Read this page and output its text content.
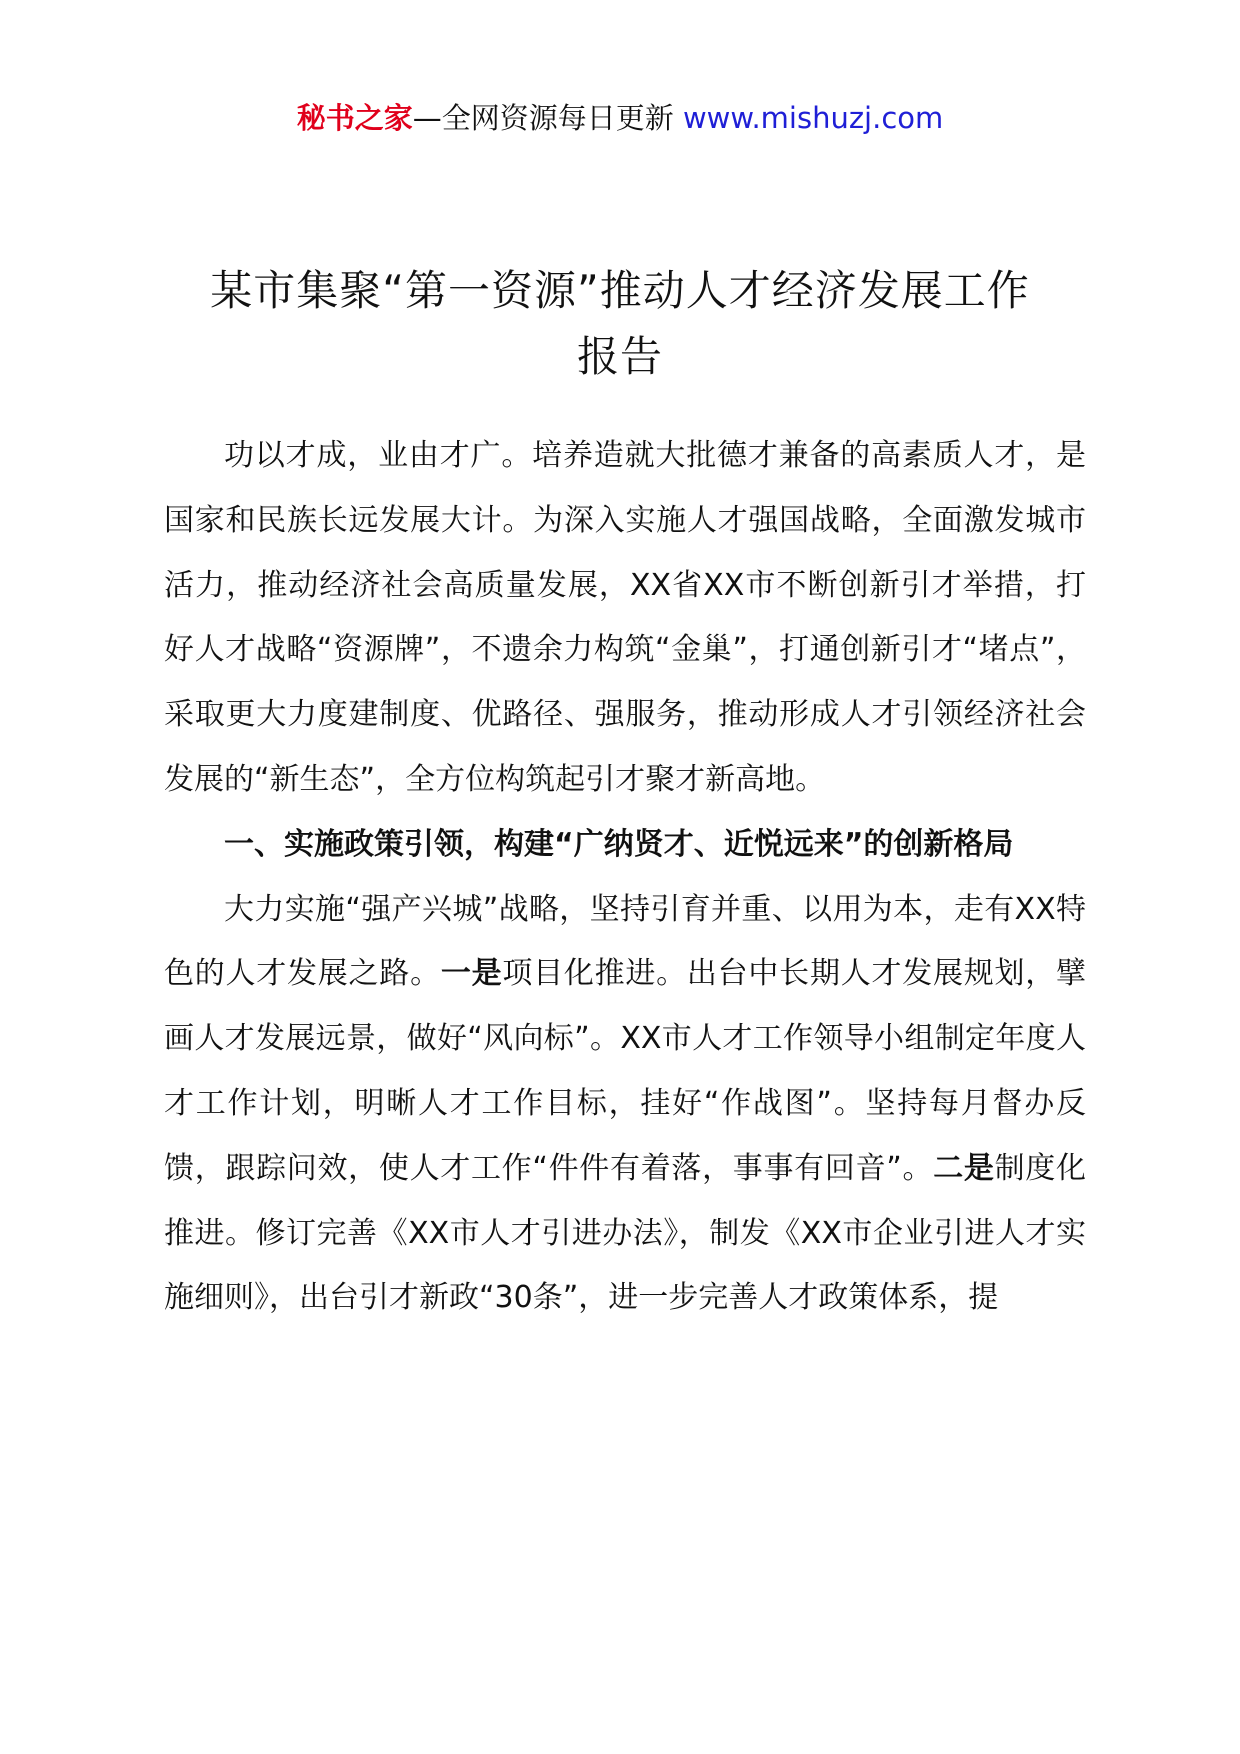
秘书之家—全网资源每日更新 www.mishuzj.com
某市集聚“第一资源”推动人才经济发展工作
报告

功以才成，业由才广。培养造就大批德才兼备的高素质人才，是国家和民族长远发展大计。为深入实施人才强国战略，全面激发城市活力，推动经济社会高质量发展，XX省XX市不断创新引才举措，打好人才战略“资源牌”，不遗余力构筑“金巢”，打通创新引才“堵点”，采取更大力度建制度、优路径、强服务，推动形成人才引领经济社会发展的“新生态”，全方位构筑起引才聚才新高地。

一、实施政策引领，构建“广纳贤才、近悦远来”的创新格局

大力实施“强产兴城”战略，坚持引育并重、以用为本，走有XX特色的人才发展之路。一是项目化推进。出台中长期人才发展规划，擘画人才发展远景，做好“风向标”。XX市人才工作领导小组制定年度人才工作计划，明晰人才工作目标，挂好“作战图”。坚持每月督办反馈，跟踪问效，使人才工作“件件有着落，事事有回音”。二是制度化推进。修订完善《XX市人才引进办法》，制发《XX市企业引进人才实施细则》，出台引才新政“30条”，进一步完善人才政策体系，提
